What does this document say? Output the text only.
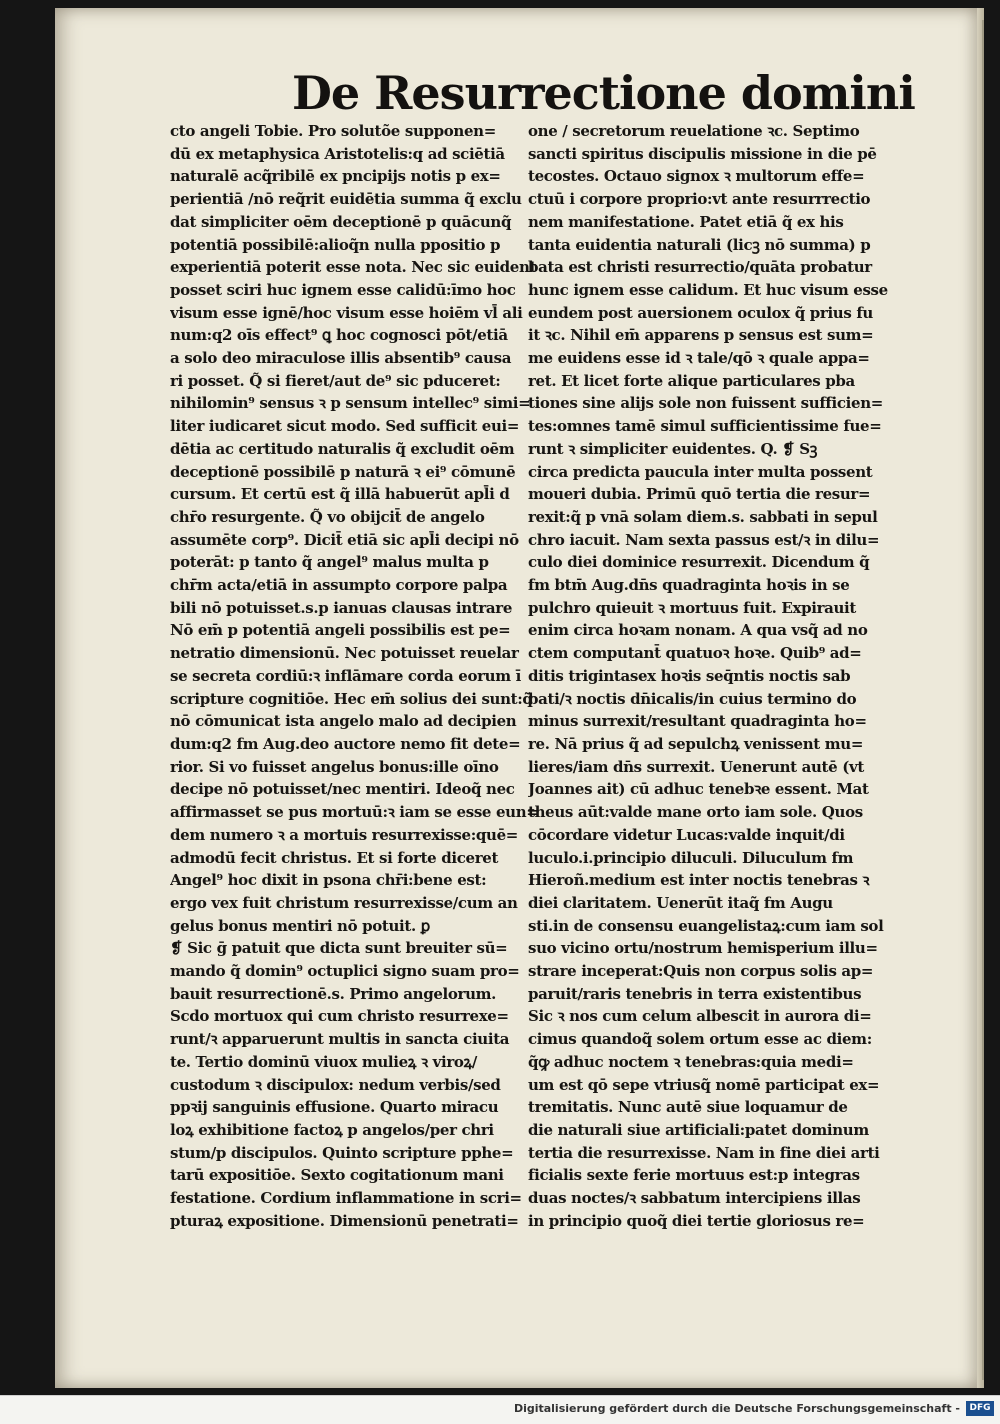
De Resurrectione domini
cto angeli Tobie. Pro solutõe supponen=
dū ex metaphysica Aristotelis:q ad sciētiā
naturalē acq̃ribilē ex pncipijs notis p ex=
perientiā /nō req̃rit euidētia summa q̃ exclu
dat simpliciter oēm deceptionē p quācunq̃
potentiā possibilē:alioq̃n nulla ppositio p
experientiā poterit esse nota. Nec sic euident
posset sciri huc ignem esse calidū:īmo hoc
visum esse ignē/hoc visum esse hoiēm vl̄ ali
num:q2 oīs effect⁹ ꝗ hoc cognosci pōt/etiā
a solo deo miraculose illis absentib⁹ causa
ri posset. Q̃ si fieret/aut de⁹ sic pduceret:
nihilomin⁹ sensus ꝛ p sensum intellec⁹ simi=
liter iudicaret sicut modo. Sed sufficit eui=
dētia ac certitudo naturalis q̃ excludit oēm
deceptionē possibilē p naturā ꝛ ei⁹ cōmunē
cursum. Et certū est q̃ illā habuerūt apl̄i d
chr̄o resurgente. Q̃ vo obijcit̄ de angelo
assumēte corp⁹. Dicit̄ etiā sic apl̄i decipi nō
poterāt: p tanto q̃ angel⁹ malus multa p
chr̄m acta/etiā in assumpto corpore palpa
bili nō potuisset.s.p ianuas clausas intrare
Nō em̄ p potentiā angeli possibilis est pe=
netratio dimensionū. Nec potuisset reuelar
se secreta cordiū:ꝛ inflāmare corda eorum ī
scripture cognitiōe. Hec em̄ solius dei sunt:q̃
nō cōmunicat ista angelo malo ad decipien
dum:q2 fm Aug.deo auctore nemo fit dete=
rior. Si vo fuisset angelus bonus:ille oīno
decipe nō potuisset/nec mentiri. Ideoq̃ nec
affirmasset se pus mortuū:ꝛ iam se esse eun=
dem numero ꝛ a mortuis resurrexisse:quē=
admodū fecit christus. Et si forte diceret
Angel⁹ hoc dixit in psona chr̄i:bene est:
ergo vex fuit christum resurrexisse/cum an
gelus bonus mentiri nō potuit. ꝑ
❡ Sic ḡ patuit que dicta sunt breuiter sū=
mando q̃ domin⁹ octuplici signo suam pro=
bauit resurrectionē.s. Primo angelorum.
Scdo mortuox qui cum christo resurrexe=
runt/ꝛ apparuerunt multis in sancta ciuita
te. Tertio dominū viuox mulieꝝ ꝛ viroꝝ/
custodum ꝛ discipulox: nedum verbis/sed
ppꝛij sanguinis effusione. Quarto miracu
loꝝ exhibitione factoꝝ p angelos/per chri
stum/p discipulos. Quinto scripture pphe=
tarū expositiōe. Sexto cogitationum mani
festatione. Cordium inflammatione in scri=
pturaꝝ expositione. Dimensionū penetrati=
one / secretorum reuelatione ꝛc. Septimo
sancti spiritus discipulis missione in die pē
tecostes. Octauo signox ꝛ multorum effe=
ctuū i corpore proprio:vt ante resurrrectio
nem manifestatione. Patet etiā q̃ ex his
tanta euidentia naturali (licꝫ nō summa) p
bata est christi resurrectio/quāta probatur
hunc ignem esse calidum. Et huc visum esse
eundem post auersionem oculox q̃ prius fu
it ꝛc. Nihil em̄ apparens p sensus est sum=
me euidens esse id ꝛ tale/qō ꝛ quale appa=
ret. Et licet forte alique particulares pba
tiones sine alijs sole non fuissent sufficien=
tes:omnes tamē simul sufficientissime fue=
runt ꝛ simpliciter euidentes. Q. ❡ Sꝫ
circa predicta paucula inter multa possent
moueri dubia. Primū quō tertia die resur=
rexit:q̃ p vnā solam diem.s. sabbati in sepul
chro iacuit. Nam sexta passus est/ꝛ in dilu=
culo diei dominice resurrexit. Dicendum q̃
fm btm̄ Aug.dn̄s quadraginta hoꝛis in se
pulchro quieuit ꝛ mortuus fuit. Expirauit
enim circa hoꝛam nonam. A qua vsq̃ ad no
ctem computant̄ quatuoꝛ hoꝛe. Quib⁹ ad=
ditis trigintasex hoꝛis seq̄ntis noctis sab
bati/ꝛ noctis dn̄icalis/in cuius termino do
minus surrexit/resultant quadraginta ho=
re. Nā prius q̃ ad sepulchꝝ venissent mu=
lieres/iam dn̄s surrexit. Uenerunt autē (vt
Joannes ait) cū adhuc tenebꝛe essent. Mat
theus aūt:valde mane orto iam sole. Quos
cōcordare videtur Lucas:valde inquit/di
luculo.i.principio diluculi. Diluculum fm
Hieroñ.medium est inter noctis tenebras ꝛ
diei claritatem. Uenerūt itaq̃ fm Augu
sti.in de consensu euangelistaꝝ:cum iam sol
suo vicino ortu/nostrum hemisperium illu=
strare inceperat:Quis non corpus solis ap=
paruit/raris tenebris in terra existentibus
Sic ꝛ nos cum celum albescit in aurora di=
cimus quandoq̃ solem ortum esse ac diem:
q̃ꝙ adhuc noctem ꝛ tenebras:quia medi=
um est qō sepe vtriusq̃ nomē participat ex=
tremitatis. Nunc autē siue loquamur de
die naturali siue artificiali:patet dominum
tertia die resurrexisse. Nam in fine diei arti
ficialis sexte ferie mortuus est:p integras
duas noctes/ꝛ sabbatum intercipiens illas
in principio quoq̃ diei tertie gloriosus re=
Digitalisierung gefördert durch die Deutsche Forschungsgemeinschaft -	DFG
